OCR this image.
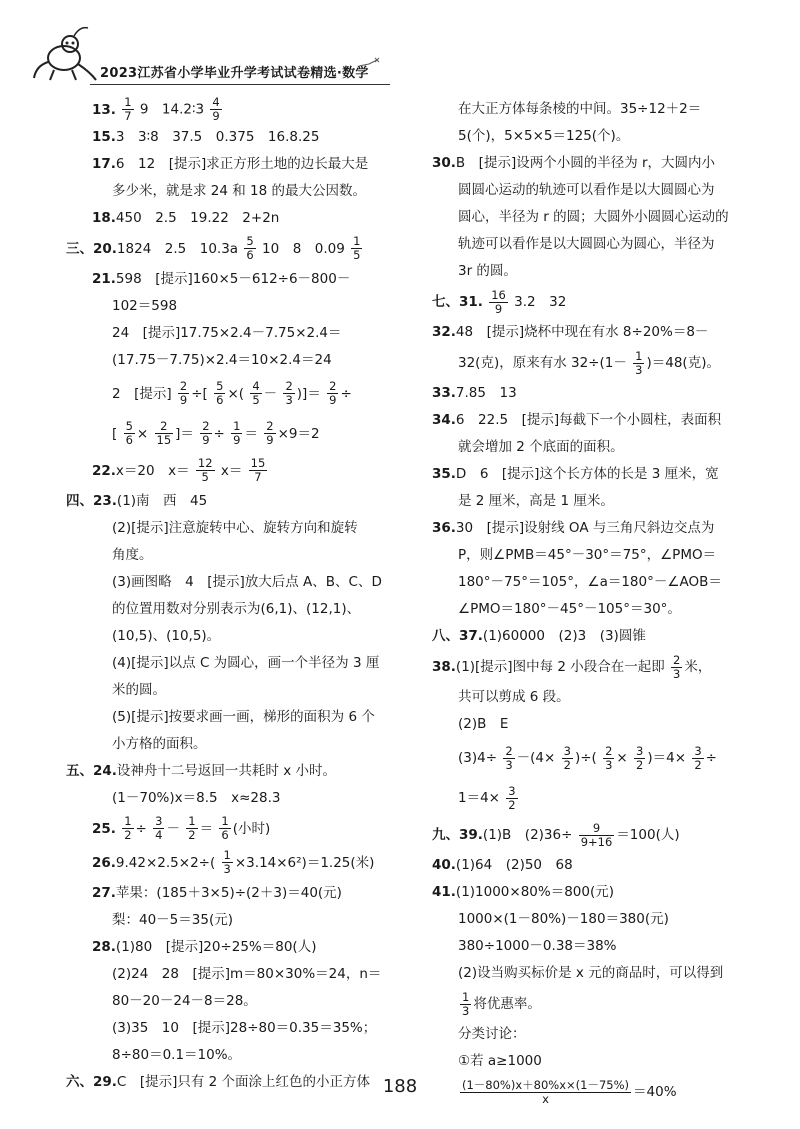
2023江苏省小学毕业升学考试试卷精选·数学
13. $\frac{1}{7} 9$　14.2∶3 $\frac{4}{9}$
15.3　3∶8　37.5　0.375　16.8.25
17.6　12　[提示]求正方形土地的边长最大是
多少米，就是求 24 和 18 的最大公因数。
18.450　2.5　19.22　2+2n
三、20.1824　2.5　$10.3a \frac{5}{6} 10$　8　$0.09 \frac{1}{5}$
21.598　[提示]160×5－612÷6－800－
102＝598
24　[提示]17.75×2.4－7.75×2.4＝
(17.75－7.75)×2.4＝10×2.4＝24
2　[提示] $\frac{2}{9}$ ÷[ $\frac{5}{6}$ ×( $\frac{4}{5} - \frac{2}{3}$ )]＝ $\frac{2}{9}$ ÷
[ $\frac{5}{6} \times \frac{2}{15}$ ]＝ $\frac{2}{9} \div \frac{1}{9} = \frac{2}{9} \times 9=2$
22.x＝20　$x= \frac{12}{5} x= \frac{15}{7}$
四、23.(1)南　西　45
(2)[提示]注意旋转中心、旋转方向和旋转
角度。
(3)画图略　4　[提示]放大后点 A、B、C、D
的位置用数对分别表示为(6,1)、(12,1)、
(10,5)、(10,5)。
(4)[提示]以点 C 为圆心，画一个半径为 3 厘
米的圆。
(5)[提示]按要求画一画，梯形的面积为 6 个
小方格的面积。
五、24.设神舟十二号返回一共耗时 x 小时。
(1－70%)x＝8.5　x≈28.3
25. $\frac{1}{2} \div \frac{3}{4} - \frac{1}{2} = \frac{1}{6}$ (小时)
$26.9.42\times 2.5\times 2\div( \frac{1}{3} \times 3.14\times 6^2)=1.25$(米)
27.苹果：(185＋3×5)÷(2＋3)＝40(元)
梨：40－5＝35(元)
28.(1)80　[提示]20÷25%＝80(人)
(2)24　28　[提示]m＝80×30%＝24，n＝
80－20－24－8＝28。
(3)35　10　[提示]28÷80＝0.35＝35%；
8÷80＝0.1＝10%。
六、29.C　[提示]只有 2 个面涂上红色的小正方体
在大正方体每条棱的中间。35÷12＋2＝
5(个)，5×5×5＝125(个)。
30.B　[提示]设两个小圆的半径为 r，大圆内小
圆圆心运动的轨迹可以看作是以大圆圆心为
圆心，半径为 r 的圆；大圆外小圆圆心运动的
轨迹可以看作是以大圆圆心为圆心，半径为
3r 的圆。
七、31. $\frac{16}{9} 3.2$　32
32.48　[提示]烧杯中现在有水 8÷20%＝8－
32(克)，原来有水 $32\div(1- \frac{1}{3} )=48$(克)。
33.7.85　13
34.6　22.5　[提示]每截下一个小圆柱，表面积
就会增加 2 个底面的面积。
35.D　6　[提示]这个长方体的长是 3 厘米，宽
是 2 厘米，高是 1 厘米。
36.30　[提示]设射线 OA 与三角尺斜边交点为
P，则∠PMB＝45°－30°＝75°，∠PMO＝
180°－75°＝105°，∠a＝180°－∠AOB＝
∠PMO＝180°－45°－105°＝30°。
八、37.(1)60000　(2)3　(3)圆锥
38.(1)[提示]图中每 2 小段合在一起即 $\frac{2}{3}$ 米，
共可以剪成 6 段。
(2)B　E
$(3)4\div \frac{2}{3} -(4\times \frac{3}{2}$ )÷( $\frac{2}{3} \times \frac{3}{2} )=4\times \frac{3}{2}$ ÷
$1=4\times \frac{3}{2}$
九、39.(1)B　$(2)36\div \frac{9}{9+16} =100$(人)
40.(1)64　(2)50　68
41.(1)1000×80%＝800(元)
1000×(1－80%)－180＝380(元)
380÷1000－0.38＝38%
(2)设当购买标价是 x 元的商品时，可以得到
$\frac{1}{3}$ 将优惠率。
分类讨论：
①若 a≥1000
$\frac{(1-80\%)x+80\%x\times(1-75\%)}{x} =40\%$
188
